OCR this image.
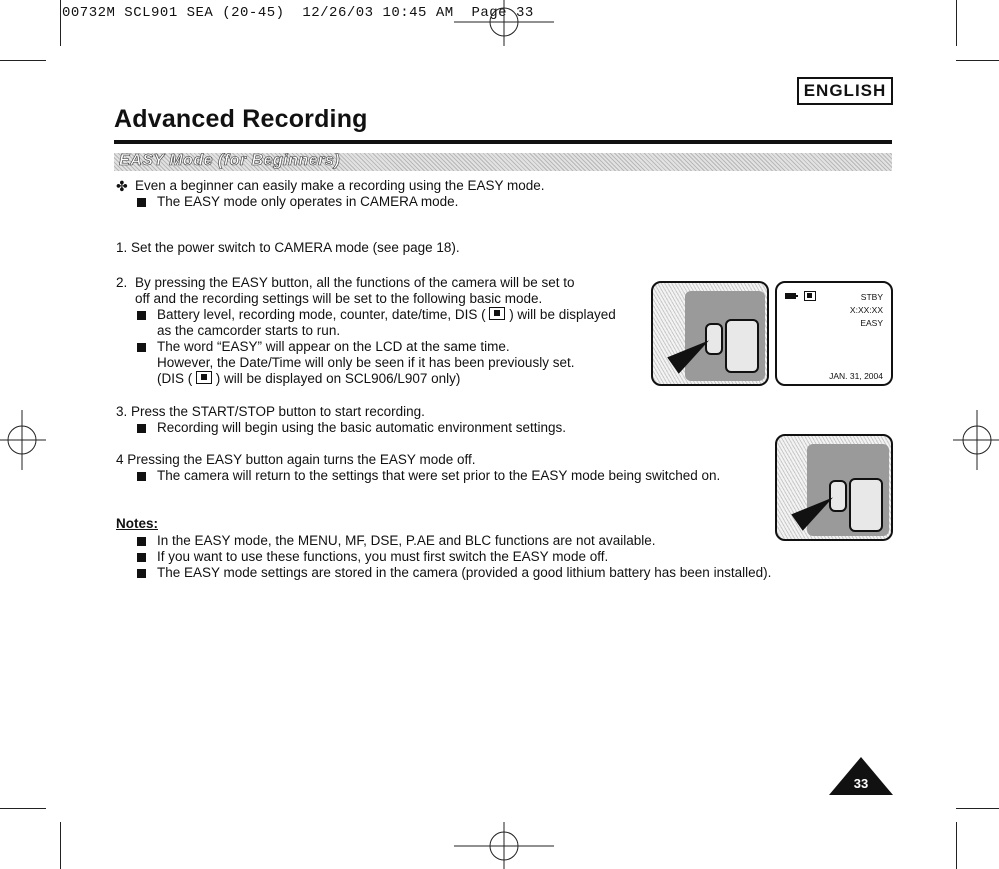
00732M SCL901 SEA (20-45)  12/26/03 10:45 AM  Page 33
ENGLISH
Advanced Recording
EASY Mode (for Beginners)
✤ Even a beginner can easily make a recording using the EASY mode.
The EASY mode only operates in CAMERA mode.
1. Set the power switch to CAMERA mode (see page 18).
2. By pressing the EASY button, all the functions of the camera will be set to
off and the recording settings will be set to the following basic mode.
Battery level, recording mode, counter, date/time, DIS ( ) will be displayed
as the camcorder starts to run.
The word “EASY” will appear on the LCD at the same time.
However, the Date/Time will only be seen if it has been previously set.
(DIS ( ) will be displayed on SCL906/L907 only)
3. Press the START/STOP button to start recording.
Recording will begin using the basic automatic environment settings.
4 Pressing the EASY button again turns the EASY mode off.
The camera will return to the settings that were set prior to the EASY mode being switched on.
Notes:
In the EASY mode, the MENU, MF, DSE, P.AE and BLC functions are not available.
If you want to use these functions, you must first switch the EASY mode off.
The EASY mode settings are stored in the camera (provided a good lithium battery has been installed).
STBY
X:XX:XX
EASY
JAN. 31, 2004
33
